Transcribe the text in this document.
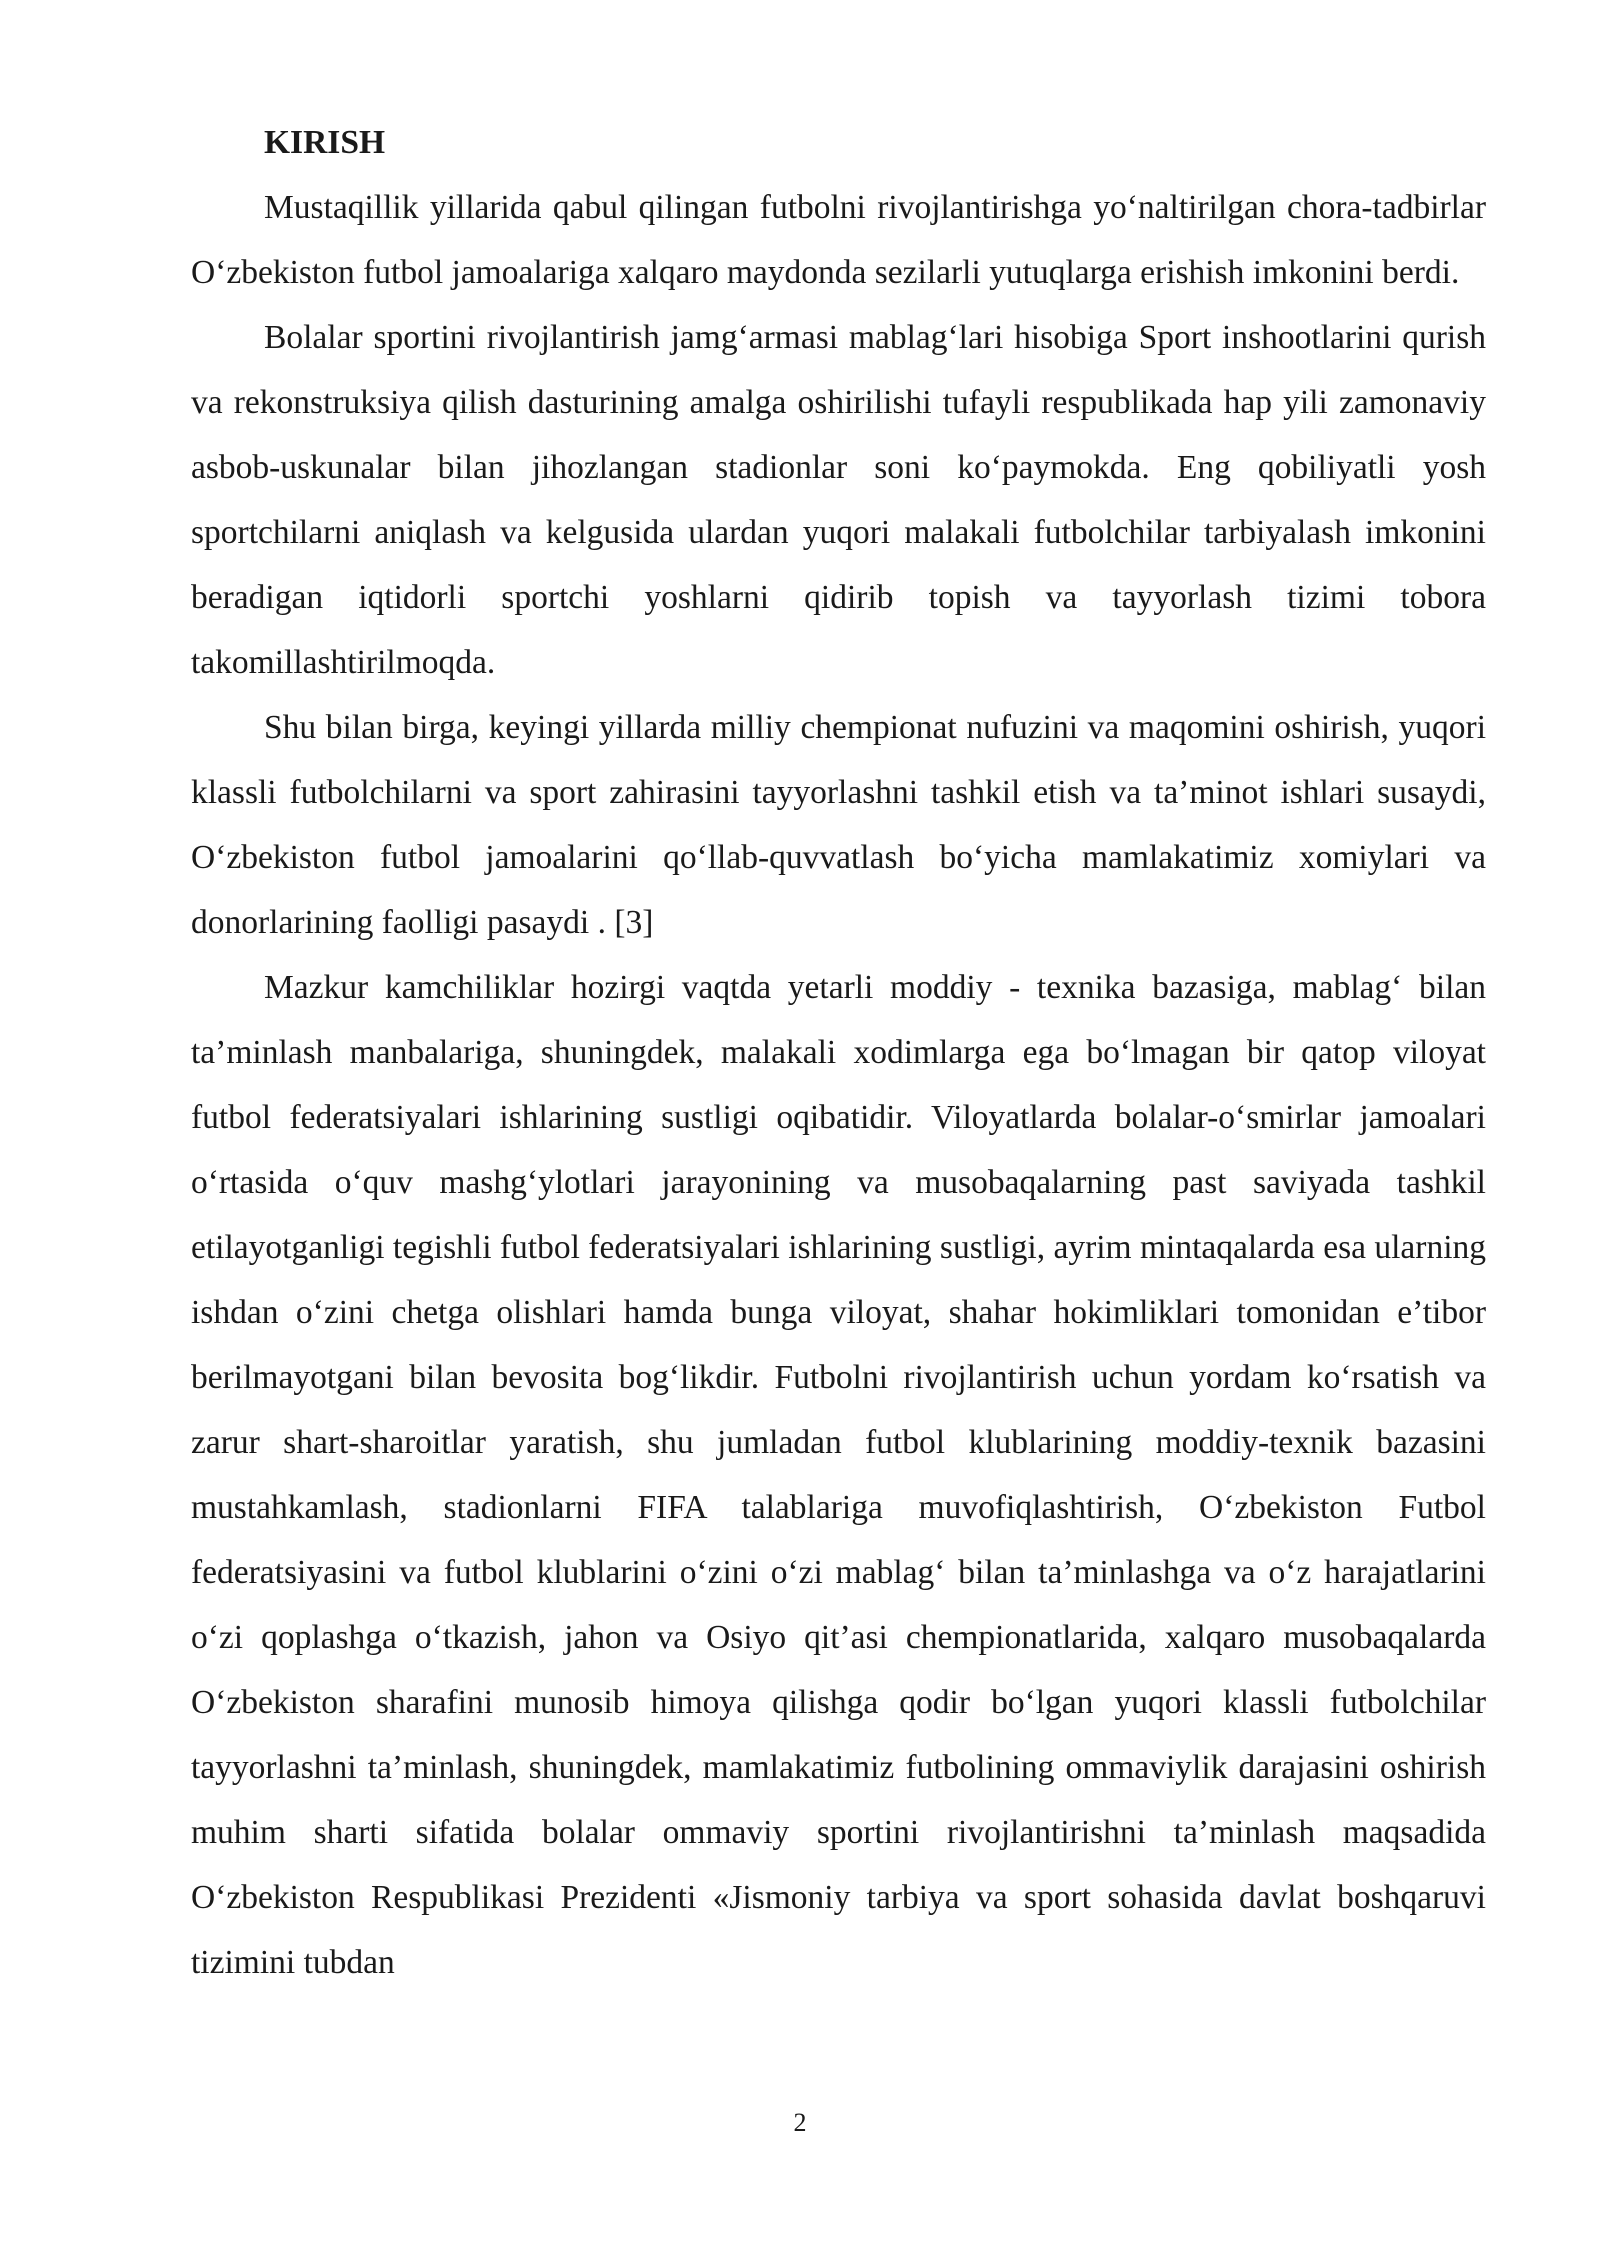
KIRISH

Mustaqillik yillarida qabul qilingan futbolni rivojlantirishga yo‘naltirilgan chora-tadbirlar O‘zbekiston futbol jamoalariga xalqaro maydonda sezilarli yutuqlarga erishish imkonini berdi.

Bolalar sportini rivojlantirish jamg‘armasi mablag‘lari hisobiga Sport inshootlarini qurish va rekonstruksiya qilish dasturining amalga oshirilishi tufayli respublikada hap yili zamonaviy asbob-uskunalar bilan jihozlangan stadionlar soni ko‘paymokda. Eng qobiliyatli yosh sportchilarni aniqlash va kelgusida ulardan yuqori malakali futbolchilar tarbiyalash imkonini beradigan iqtidorli sportchi yoshlarni qidirib topish va tayyorlash tizimi tobora takomillashtirilmoqda.

Shu bilan birga, keyingi yillarda milliy chempionat nufuzini va maqomini oshirish, yuqori klassli futbolchilarni va sport zahirasini tayyorlashni tashkil etish va ta’minot ishlari susaydi, O‘zbekiston futbol jamoalarini qo‘llab-quvvatlash bo‘yicha mamlakatimiz xomiylari va donorlarining faolligi pasaydi . [3]

Mazkur kamchiliklar hozirgi vaqtda yetarli moddiy - texnika bazasiga, mablag‘ bilan ta’minlash manbalariga, shuningdek, malakali xodimlarga ega bo‘lmagan bir qatop viloyat futbol federatsiyalari ishlarining sustligi oqibatidir. Viloyatlarda bolalar-o‘smirlar jamoalari o‘rtasida o‘quv mashg‘ylotlari jarayonining va musobaqalarning past saviyada tashkil etilayotganligi tegishli futbol federatsiyalari ishlarining sustligi, ayrim mintaqalarda esa ularning ishdan o‘zini chetga olishlari hamda bunga viloyat, shahar hokimliklari tomonidan e’tibor berilmayotgani bilan bevosita bog‘likdir. Futbolni rivojlantirish uchun yordam ko‘rsatish va zarur shart-sharoitlar yaratish, shu jumladan futbol klublarining moddiy-texnik bazasini mustahkamlash, stadionlarni FIFA talablariga muvofiqlashtirish, O‘zbekiston Futbol federatsiyasini va futbol klublarini o‘zini o‘zi mablag‘ bilan ta’minlashga va o‘z harajatlarini o‘zi qoplashga o‘tkazish, jahon va Osiyo qit’asi chempionatlarida, xalqaro musobaqalarda O‘zbekiston sharafini munosib himoya qilishga qodir bo‘lgan yuqori klassli futbolchilar tayyorlashni ta’minlash, shuningdek, mamlakatimiz futbolining ommaviylik darajasini oshirish muhim sharti sifatida bolalar ommaviy sportini rivojlantirishni ta’minlash maqsadida O‘zbekiston Respublikasi Prezidenti «Jismoniy tarbiya va sport sohasida davlat boshqaruvi tizimini tubdan

2
